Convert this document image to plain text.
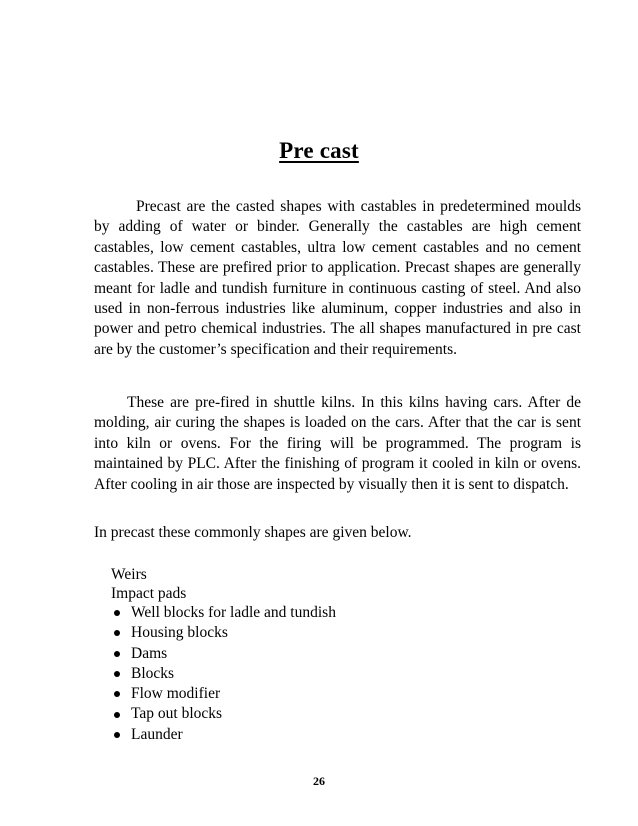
Pre cast

Precast are the casted shapes with castables in predetermined moulds by adding of water or binder. Generally the castables are high cement castables, low cement castables, ultra low cement castables and no cement castables. These are prefired prior to application. Precast shapes are generally meant for ladle and tundish furniture in continuous casting of steel. And also used in non-ferrous industries like aluminum, copper industries and also in power and petro chemical industries. The all shapes manufactured in pre cast are by the customer’s specification and their requirements.

These are pre-fired in shuttle kilns. In this kilns having cars. After de molding, air curing the shapes is loaded on the cars. After that the car is sent into kiln or ovens. For the firing will be programmed. The program is maintained by PLC. After the finishing of program it cooled in kiln or ovens. After cooling in air those are inspected by visually then it is sent to dispatch.

In precast these commonly shapes are given below.

Weirs
Impact pads
Well blocks for ladle and tundish
Housing blocks
Dams
Blocks
Flow modifier
Tap out blocks
Launder
26
